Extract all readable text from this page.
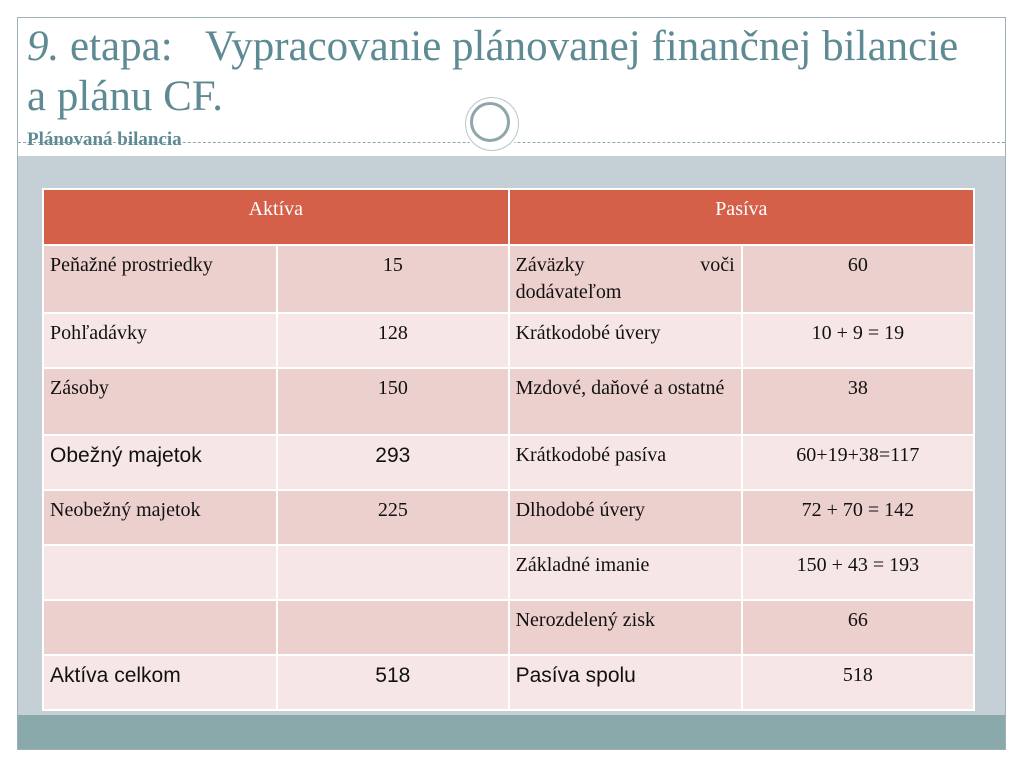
9. etapa: Vypracovanie plánovanej finančnej bilancie a plánu CF.
Plánovaná bilancia
Aktíva		Pasíva	
Peňažné prostriedky	15	Záväzky voči dodávateľom	60
Pohľadávky	128	Krátkodobé úvery	10 + 9 = 19
Zásoby	150	Mzdové, daňové a ostatné	38
Obežný majetok	293	Krátkodobé pasíva	60+19+38=117
Neobežný majetok	225	Dlhodobé úvery	72 + 70 = 142
		Základné imanie	150 + 43 = 193
		Nerozdelený zisk	66
Aktíva celkom	518	Pasíva spolu	518
